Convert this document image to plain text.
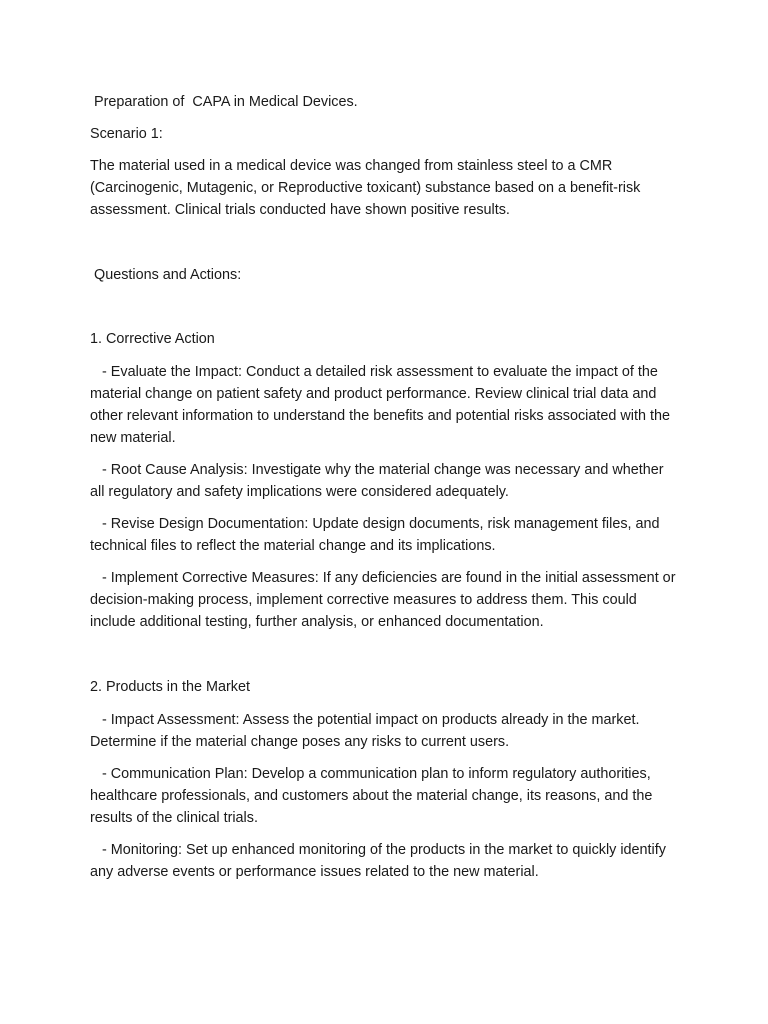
Preparation of  CAPA in Medical Devices.

Scenario 1:

The material used in a medical device was changed from stainless steel to a CMR (Carcinogenic, Mutagenic, or Reproductive toxicant) substance based on a benefit-risk assessment. Clinical trials conducted have shown positive results.

Questions and Actions:

1. Corrective Action

- Evaluate the Impact: Conduct a detailed risk assessment to evaluate the impact of the material change on patient safety and product performance. Review clinical trial data and other relevant information to understand the benefits and potential risks associated with the new material.

- Root Cause Analysis: Investigate why the material change was necessary and whether all regulatory and safety implications were considered adequately.

- Revise Design Documentation: Update design documents, risk management files, and technical files to reflect the material change and its implications.

- Implement Corrective Measures: If any deficiencies are found in the initial assessment or decision-making process, implement corrective measures to address them. This could include additional testing, further analysis, or enhanced documentation.

2. Products in the Market

- Impact Assessment: Assess the potential impact on products already in the market. Determine if the material change poses any risks to current users.

- Communication Plan: Develop a communication plan to inform regulatory authorities, healthcare professionals, and customers about the material change, its reasons, and the results of the clinical trials.

- Monitoring: Set up enhanced monitoring of the products in the market to quickly identify any adverse events or performance issues related to the new material.
